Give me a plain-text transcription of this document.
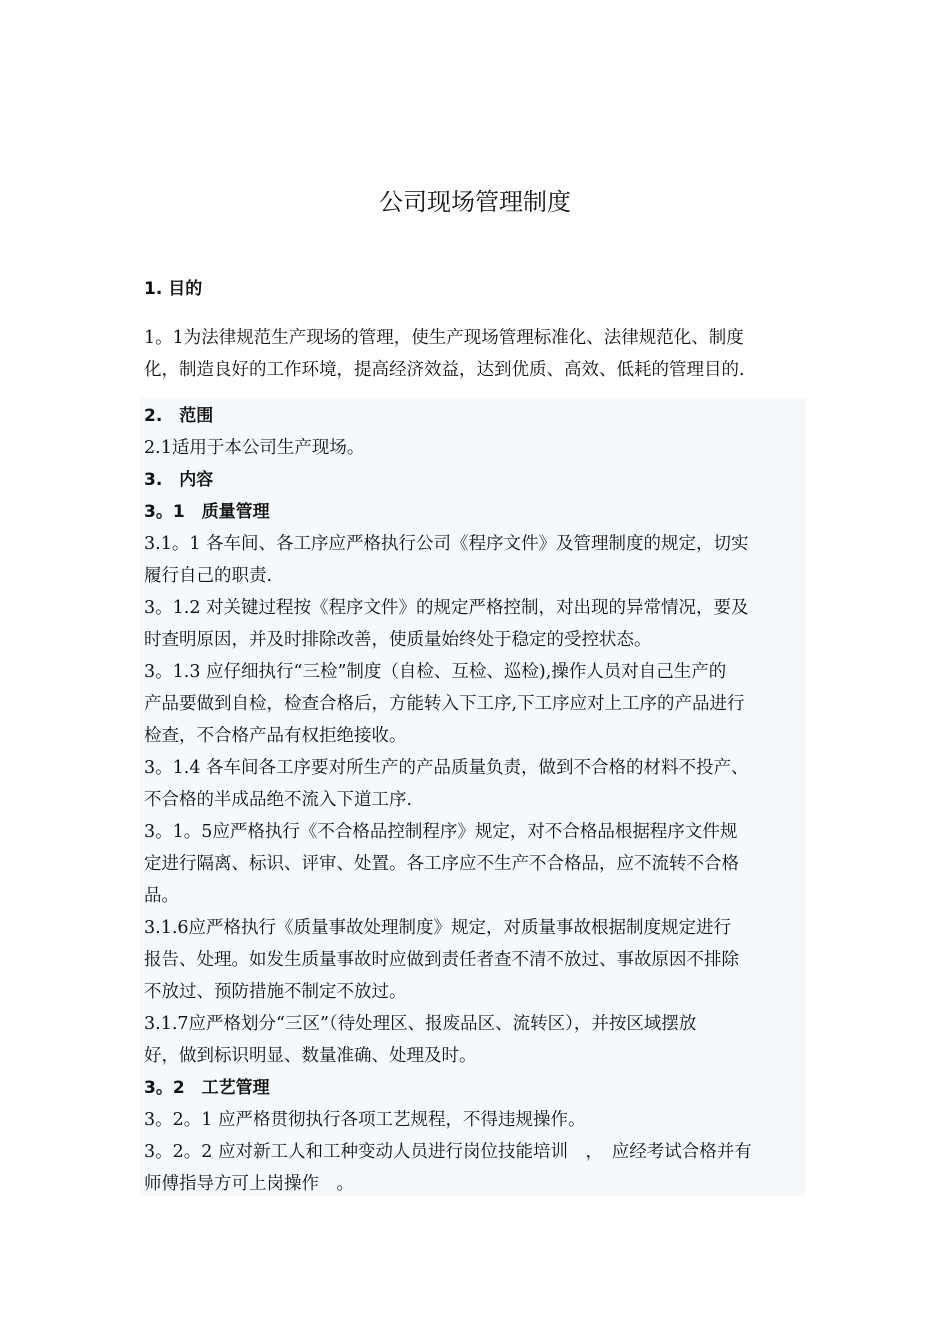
公司现场管理制度

1. 目的

1。1为法律规范生产现场的管理，使生产现场管理标准化、法律规范化、制度

化，制造良好的工作环境，提高经济效益，达到优质、高效、低耗的管理目的.

2.　范围

2.1适用于本公司生产现场。

3.　内容

3。1　质量管理

3.1。1 各车间、各工序应严格执行公司《程序文件》及管理制度的规定，切实

履行自己的职责.

3。1.2 对关键过程按《程序文件》的规定严格控制，对出现的异常情况，要及

时查明原因，并及时排除改善，使质量始终处于稳定的受控状态。

3。1.3 应仔细执行“三检”制度（自检、互检、巡检),操作人员对自己生产的

产品要做到自检，检查合格后，方能转入下工序,下工序应对上工序的产品进行

检查，不合格产品有权拒绝接收。

3。1.4 各车间各工序要对所生产的产品质量负责，做到不合格的材料不投产、

不合格的半成品绝不流入下道工序.

3。1。5应严格执行《不合格品控制程序》规定，对不合格品根据程序文件规

定进行隔离、标识、评审、处置。各工序应不生产不合格品，应不流转不合格

品。

3.1.6应严格执行《质量事故处理制度》规定，对质量事故根据制度规定进行

报告、处理。如发生质量事故时应做到责任者查不清不放过、事故原因不排除

不放过、预防措施不制定不放过。

3.1.7应严格划分“三区”（待处理区、报废品区、流转区），并按区域摆放

好，做到标识明显、数量准确、处理及时。

3。2　工艺管理

3。2。1 应严格贯彻执行各项工艺规程，不得违规操作。

3。2。2 应对新工人和工种变动人员进行岗位技能培训　，　应经考试合格并有

师傅指导方可上岗操作　。
